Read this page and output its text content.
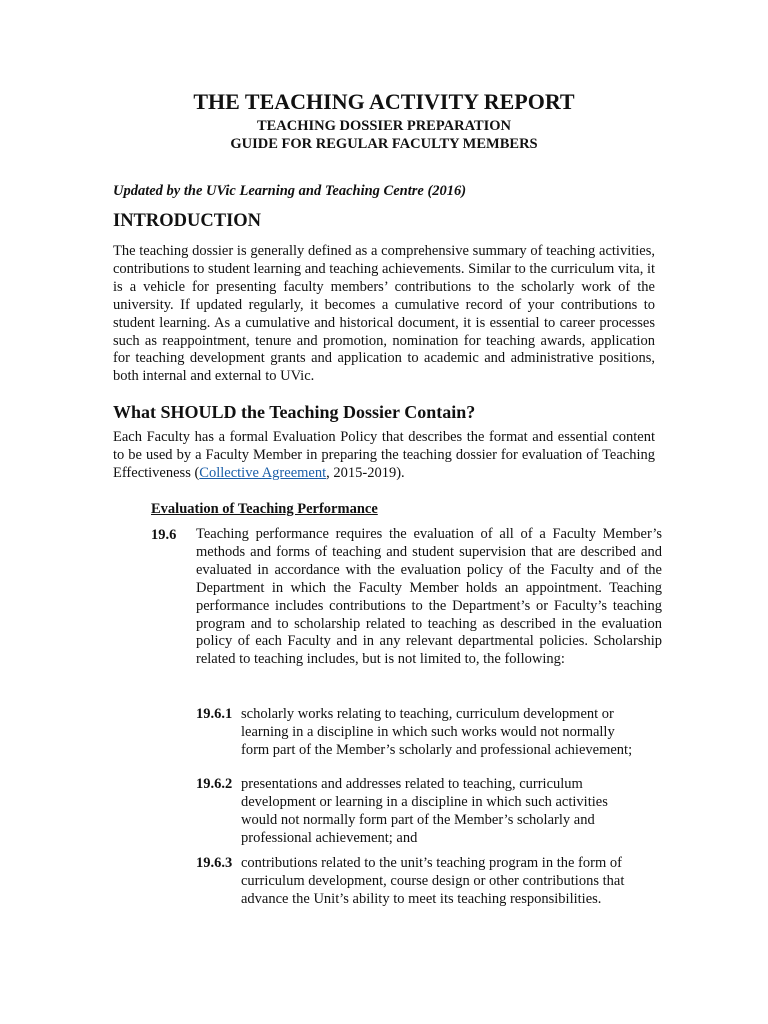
THE TEACHING ACTIVITY REPORT
TEACHING DOSSIER PREPARATION
GUIDE FOR REGULAR FACULTY MEMBERS
Updated by the UVic Learning and Teaching Centre (2016)
INTRODUCTION
The teaching dossier is generally defined as a comprehensive summary of teaching activities, contributions to student learning and teaching achievements. Similar to the curriculum vita, it is a vehicle for presenting faculty members’ contributions to the scholarly work of the university. If updated regularly, it becomes a cumulative record of your contributions to student learning. As a cumulative and historical document, it is essential to career processes such as reappointment, tenure and promotion, nomination for teaching awards, application for teaching development grants and application to academic and administrative positions, both internal and external to UVic.
What SHOULD the Teaching Dossier Contain?
Each Faculty has a formal Evaluation Policy that describes the format and essential content to be used by a Faculty Member in preparing the teaching dossier for evaluation of Teaching Effectiveness (Collective Agreement, 2015-2019).
Evaluation of Teaching Performance
19.6 Teaching performance requires the evaluation of all of a Faculty Member’s methods and forms of teaching and student supervision that are described and evaluated in accordance with the evaluation policy of the Faculty and of the Department in which the Faculty Member holds an appointment. Teaching performance includes contributions to the Department’s or Faculty’s teaching program and to scholarship related to teaching as described in the evaluation policy of each Faculty and in any relevant departmental policies. Scholarship related to teaching includes, but is not limited to, the following:
19.6.1 scholarly works relating to teaching, curriculum development or learning in a discipline in which such works would not normally form part of the Member’s scholarly and professional achievement;
19.6.2 presentations and addresses related to teaching, curriculum development or learning in a discipline in which such activities would not normally form part of the Member’s scholarly and professional achievement; and
19.6.3 contributions related to the unit’s teaching program in the form of curriculum development, course design or other contributions that advance the Unit’s ability to meet its teaching responsibilities.
